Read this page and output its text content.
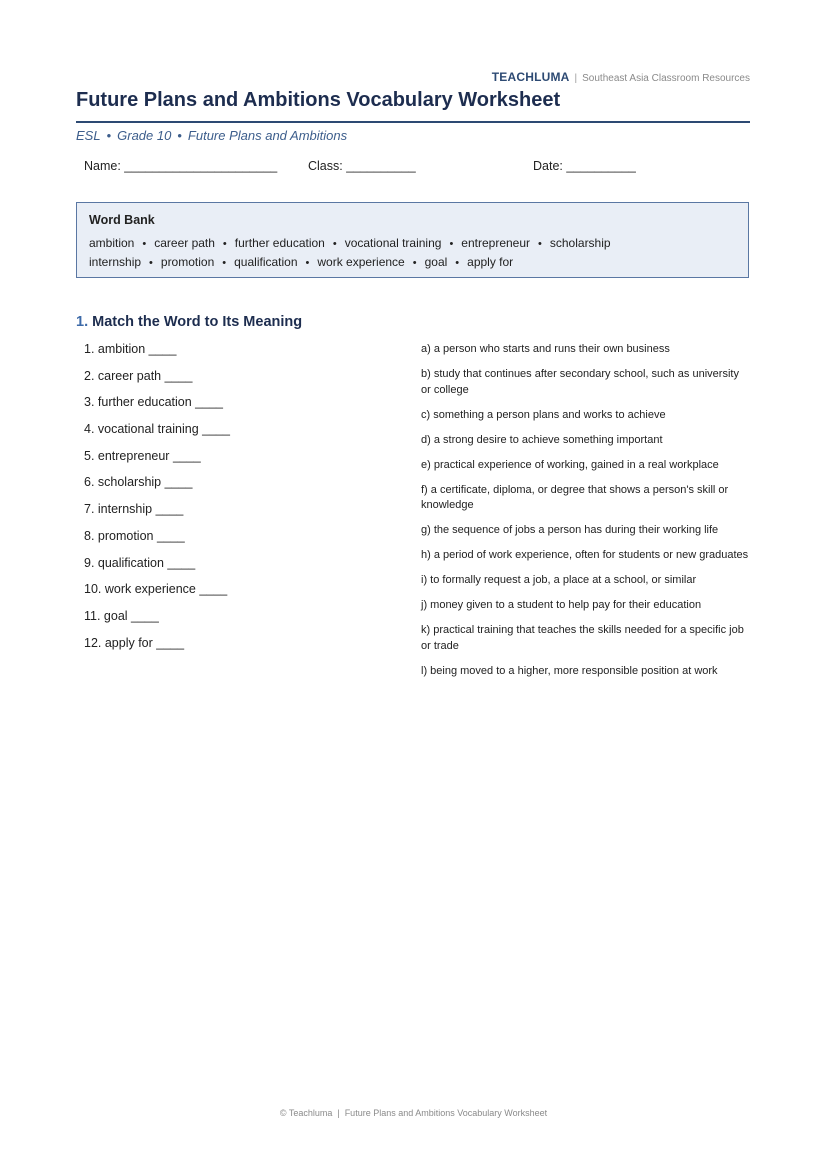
TEACHLUMA | Southeast Asia Classroom Resources
Future Plans and Ambitions Vocabulary Worksheet
ESL • Grade 10 • Future Plans and Ambitions
Name: ______________________ Class: __________	Date: __________
Word Bank
ambition • career path • further education • vocational training • entrepreneur • scholarship
internship • promotion • qualification • work experience • goal • apply for
1. Match the Word to Its Meaning
1. ambition ____
2. career path ____
3. further education ____
4. vocational training ____
5. entrepreneur ____
6. scholarship ____
7. internship ____
8. promotion ____
9. qualification ____
10. work experience ____
11. goal ____
12. apply for ____
a) a person who starts and runs their own business
b) study that continues after secondary school, such as university or college
c) something a person plans and works to achieve
d) a strong desire to achieve something important
e) practical experience of working, gained in a real workplace
f) a certificate, diploma, or degree that shows a person's skill or knowledge
g) the sequence of jobs a person has during their working life
h) a period of work experience, often for students or new graduates
i) to formally request a job, a place at a school, or similar
j) money given to a student to help pay for their education
k) practical training that teaches the skills needed for a specific job or trade
l) being moved to a higher, more responsible position at work
© Teachluma | Future Plans and Ambitions Vocabulary Worksheet
